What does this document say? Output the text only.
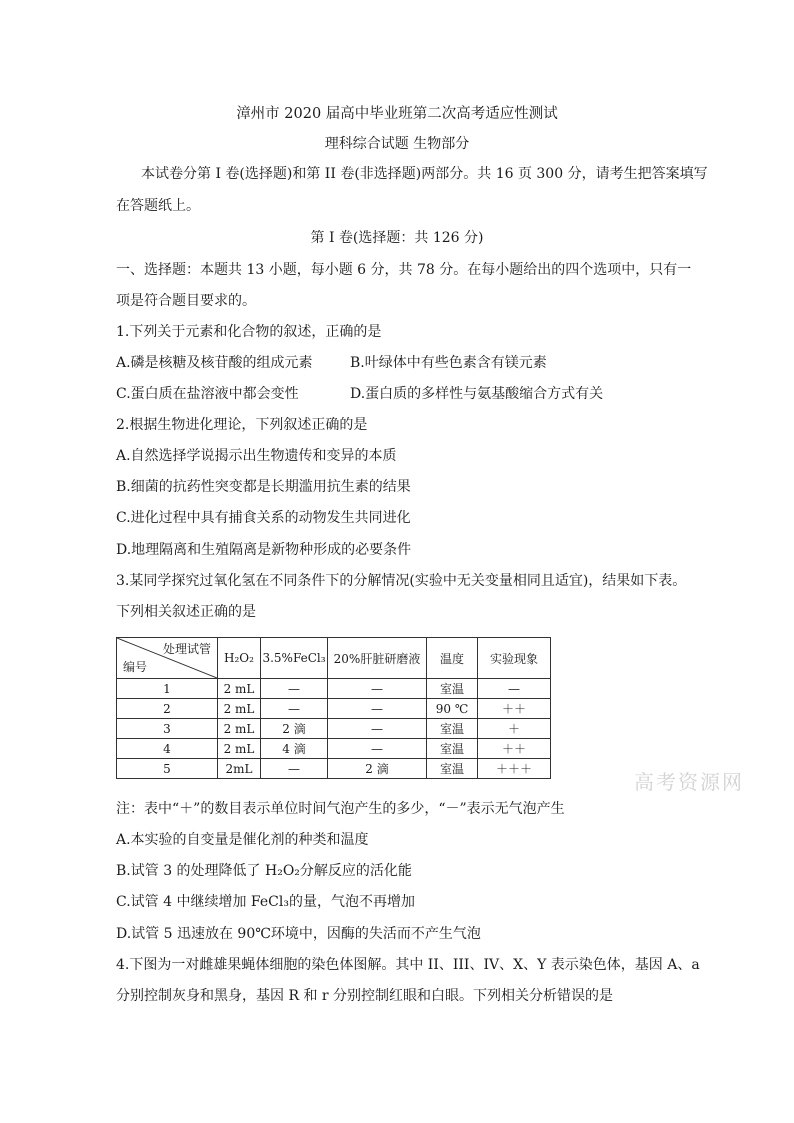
漳州市 2020 届高中毕业班第二次高考适应性测试
理科综合试题 生物部分
本试卷分第 I 卷(选择题)和第 II 卷(非选择题)两部分。共 16 页 300 分，请考生把答案填写
在答题纸上。
第 I 卷(选择题：共 126 分)
一、选择题：本题共 13 小题，每小题 6 分，共 78 分。在每小题给出的四个选项中，只有一
项是符合题目要求的。
1.下列关于元素和化合物的叙述，正确的是
A.磷是核糖及核苷酸的组成元素	B.叶绿体中有些色素含有镁元素
C.蛋白质在盐溶液中都会变性	D.蛋白质的多样性与氨基酸缩合方式有关
2.根据生物进化理论，下列叙述正确的是
A.自然选择学说揭示出生物遗传和变异的本质
B.细菌的抗药性突变都是长期滥用抗生素的结果
C.进化过程中具有捕食关系的动物发生共同进化
D.地理隔离和生殖隔离是新物种形成的必要条件
3.某同学探究过氧化氢在不同条件下的分解情况(实验中无关变量相同且适宜)，结果如下表。
下列相关叙述正确的是
处理试管
编号	H₂O₂	3.5%FeCl₃	20%肝脏研磨液	温度	实验现象
1	2 mL	—	—	室温	—
2	2 mL	—	—	90 ℃	＋＋
3	2 mL	2 滴	—	室温	＋
4	2 mL	4 滴	—	室温	＋＋
5	2mL	—	2 滴	室温	＋＋＋
高考资源网
注：表中“＋”的数目表示单位时间气泡产生的多少，“－”表示无气泡产生
A.本实验的自变量是催化剂的种类和温度
B.试管 3 的处理降低了 H₂O₂分解反应的活化能
C.试管 4 中继续增加 FeCl₃的量，气泡不再增加
D.试管 5 迅速放在 90℃环境中，因酶的失活而不产生气泡
4.下图为一对雌雄果蝇体细胞的染色体图解。其中 II、III、IV、X、Y 表示染色体，基因 A、a
分别控制灰身和黑身，基因 R 和 r 分别控制红眼和白眼。下列相关分析错误的是
